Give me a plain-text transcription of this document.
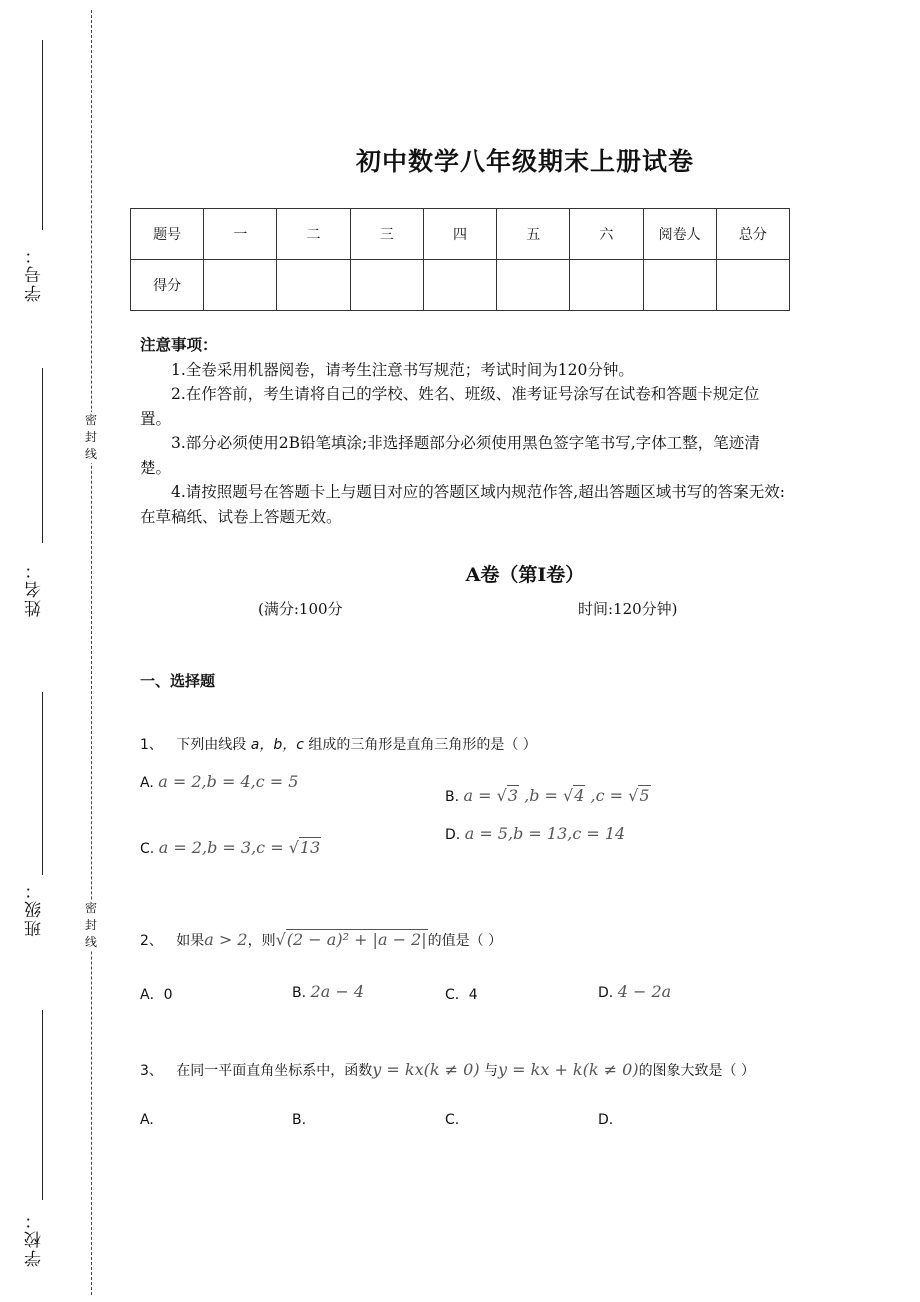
学号：
姓名：
班级：
学校：
密封线
密封线
初中数学八年级期末上册试卷
题号	一	二	三	四	五	六	阅卷人	总分
得分								
注意事项：

1.全卷采用机器阅卷，请考生注意书写规范；考试时间为120分钟。

2.在作答前，考生请将自己的学校、姓名、班级、准考证号涂写在试卷和答题卡规定位置。

3.部分必须使用2B铅笔填涂;非选择题部分必须使用黑色签字笔书写,字体工整，笔迹清楚。

4.请按照题号在答题卡上与题目对应的答题区域内规范作答,超出答题区域书写的答案无效:在草稿纸、试卷上答题无效。

A卷（第I卷）
(满分:100分	时间:120分钟)
一、选择题
1、 下列由线段 a，b，c 组成的三角形是直角三角形的是（ ）
A. a = 2,b = 4,c = 5
B. a = √3 ,b = √4 ,c = √5
C. a = 2,b = 3,c = √13
D. a = 5,b = 13,c = 14
2、 如果a > 2，则√(2 − a)² + |a − 2|的值是（ ）
A．0	B. 2a − 4	C．4	D. 4 − 2a
3、 在同一平面直角坐标系中，函数y = kx(k ≠ 0) 与y = kx + k(k ≠ 0)的图象大致是（ ）
A.	B.	C.	D.
